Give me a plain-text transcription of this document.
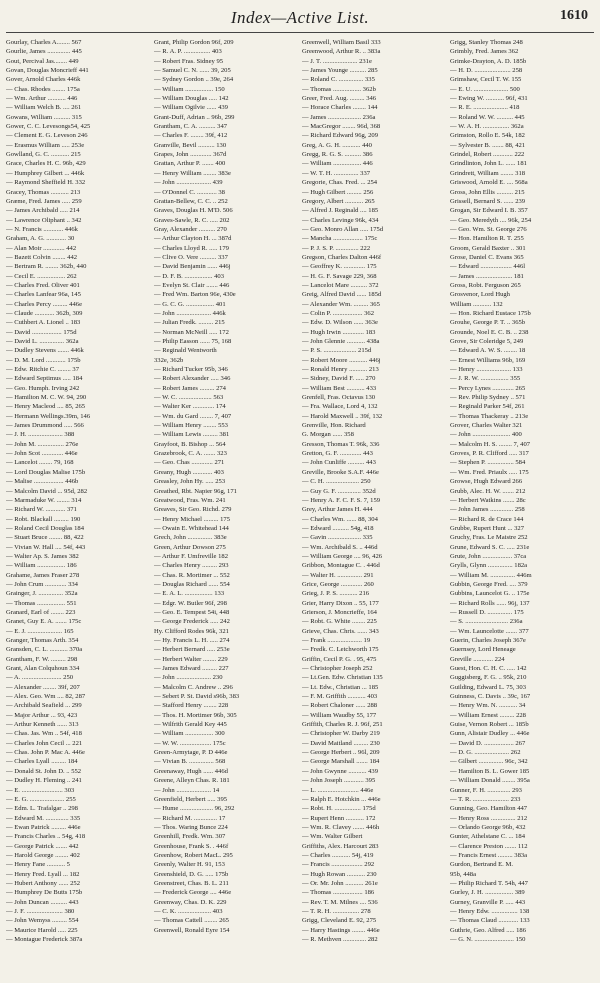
Index—Active List.	1610
Gourlay, Charles A........ 567
Gourlie, James .............. 445
Gout, Percival Jas........ 449
Govan, Douglas Moncrieff 441
Gover, Arnold Charles 446k
— Chas. Rhodes ........ 175a
— Wm. Arthur ........... 446
— William Welch B. .... 261
Gowans, William .......... 315
Gower, C. C. Levesongs54, 425
— Clement E. G. Leveson 246
— Erasmus William ..... 253e
Gowlland, G. C. ........... 215
Grace, Charles H. C. 96b, 429
— Humphrey Gilbert ... 446k
— Raymond Sheffield H. 332
Gracey, Thomas ........... 213
Græme, Fred. James ..... 259
— James Archibald ..... 214
— Lawrence Oliphant .. 342
— N. Francis ............ 446k
Graham, A. G. ............ 30
— Alan Moir ............. 442
— Bazett Colvin ........ 442
— Bertram R. ........ 362b, 440
— Cecil E. ................. 262
— Charles Fred. Oliver 401
— Charles Lanfear 96a, 145
— Charles Percy ......... 446e
— Claude ............ 362b, 309
— Cuthbert A. Lionel .. 183
— David .................. 175d
— David L. ............... 362a
— Dudley Stevens ....... 446k
— D. M. Lord ............ 175b
— Edw. Ritchie C. ........ 37
— Edward Septimus ..... 184
— Geo. Humph. Irving 242
— Hamilton M. C. W. 94, 290
— Henry Macleod .... 85, 265
— Hermann Wellings.39m, 146
— James Drummond ..... 566
— J. H. ..................... 388
— John M. ................ 276e
— John Scot ............. 446e
— Lancelot ........ 79, 168
— Lord Douglas Malise 175b
— Malise .................. 446b
— Malcolm David ... 95d, 282
— Marmaduke W. ........ 314
— Richard W. ............ 371
— Robt. Blackall ......... 190
— Roland Cecil Douglas 184
— Stuart Bruce ........ 88, 422
— Vivian W. Hall .... 54f, 443
— Walter Ap. S. James 382
— William ................. 186
Grahame, James Fraser 278
— John Crum ............. 334
Grainger, J. ............... 352a
— Thomas ................. 551
Granard, Earl of ........ 223
Granet, Guy E. A. ....... 175c
— E. J. ..................... 165
Granger, Thomas Arth. 354
Gransden, C. L. ........... 370a
Grantham, F. W. ......... 298
Grant, Alan Colquhoun 334
— A. ........................ 250
— Alexander ........ 39f, 207
— Alex. Geo. Wm .... 82, 287
— Archibald Seafield ... 299
— Major Arthur ... 93, 423
— Arthur Kenneth ...... 313
— Chas. Jas. Wm .. 54f, 418
— Charles John Cecil ... 221
— Chas. John P. Mac A. 446e
— Charles Lyall ......... 184
— Donald St. John D. .. 552
— Dudley H. Fleming .. 241
— E. ......................... 303
— E. G. ..................... 255
— Edm. L. Trafalgar .. 298
— Edward M. .............. 335
— Ewan Patrick ......... 446e
— Francis Charles .. 54g, 418
— George Patrick ....... 442
— Harold George ........ 402
— Henry Fane ........... 5
— Henry Fred. Lyall ... 182
— Hubert Anthony ...... 252
— Humphrey De Butts 175b
— John Duncan .......... 443
— J. F. ...................... 380
— John Wemyss ......... 554
— Maurice Harold ..... 225
— Montague Frederick 387a
Grant, Philip Gordon 96f, 209
— R. A. P. ................ 403
— Robert Fras. Sidney 95
— Samuel C. N. ...... 39, 205
— Sydney Gordon .. 39e, 264
— William ................. 150
— William Douglas ..... 142
— William Ogilvie ...... 439
Grant-Duff, Adrian .. 96b, 299
Grantham, C. A. .......... 347
— Charles F. ........ 39f, 412
Granville, Bevil .......... 130
Grapes, John ............. 367d
Grattan, Arthur P. ....... 400
— Henry William ........ 383e
— John ..................... 439
— O'Donnel C. ............ 38
Grattan-Bellew, C. C. .. 252
Graves, Douglas H. M'D. 506
Graves-Sawle, R. C. ..... 202
Gray, Alexander .......... 270
— Arthur Clayton H. ... 387d
— Charles Lloyd R. ..... 179
— Clive O. Vere .......... 337
— David Benjamin ...... 446j
— D. F. B. ................. 403
— Evelyn St. Clair ....... 446
— Fred Wm. Barton 96e, 430e
— G. C. G. ................. 401
— John ..................... 446k
— Julian Fredk. ......... 215
— Norman McNeill ..... 172
— Philip Easson ...... 75, 168
— Reginald Wentworth
332e, 362b
— Richard Tucker 95b, 346
— Robert Alexander ..... 346
— Robert James ......... 274
— W. C. .................... 563
— Walter Ker ............. 174
— Wm. du Gard ........ 7, 407
— William Henry ........ 553
— William Lewis ......... 381
Grayfoot, B. Bishop ... 564
Grazebrook, C. A. ....... 323
— Geo. Chas ............. 271
Greany, Hugh ............ 403
Greasley, John Hy. ..... 253
Greathed, Rbt. Napier 96g, 171
Greatwood, Fras. Wm. 241
Greaves, Sir Geo. Richd. 279
— Henry Michael ......... 175
— Owain E. Whitehead 144
Grech, John ............... 383e
Green, Arthur Dowson 275
— Arthur F. Umfreville 182
— Charles Henry ......... 293
— Chas. R. Mortimer ... 552
— Douglas Richard ...... 554
— E. A. L. ................. 133
— Edgr. W. Butler 96f, 298
— Geo. E. Tempest 54i, 448
— George Frederick ..... 242
Hy. Clifford Rodes 96k, 321
— Hy. Francis L. H. ..... 274
— Herbert Bernard ..... 253e
— Herbert Walter ........ 229
— James Edward ......... 227
— John ..................... 230
— Malcolm C. Andrew .. 296
— Sebert P. St. David s96b, 383
— Stafford Henry ........ 228
— Thos. H. Mortimer 96b, 305
— Wilfrith Gerald Key 445
— William ................. 300
— W. W. ................... 175c
Green-Armytage, P. D 446e
— Vivian B. ............... 568
Greenaway, Hugh ...... 446d
Greene, Alleyn Chas. R. 181
— John ..................... 14
Greenfield, Herbert ..... 395
— Hume .................... 96, 292
— Richard M. .............. 17
— Thos. Waring Bunce 224
Greenhill, Fredk. Wm. 307
Greenhouse, Frank S. . 446f
Greenhow, Robert MacL. 295
Greenly, Walter H. 91, 153
Greenshield, D. G. ..... 175b
Greenstreet, Chas. B. L. 211
— Frederick George .... 446e
Greenway, Chas. D. K. 229
— C. K. .................... 403
— Thomas Cattell ........ 265
Greenwell, Ronald Eyre 154
Greenwell, William Basil 333
Greenwood, Arthur R. .. 383a
— J. T. ..................... 231e
— James Younge .......... 285
— Roland C. ............... 335
— Thomas ................. 362b
Greer, Fred. Aug. ......... 346
— Horace Charles ........ 144
— James .................... 236a
— MacGregor ........ 96d, 368
— Richard Edward 96g, 209
Greg, A. G. H. ........... 440
Gregg, R. G. S. .......... 386
— William ................. 446
— W. T. H. ............... 337
Gregorie, Chas. Fred. ... 254
— Hugh Gilbert ......... 256
Gregory, Albert ........... 265
— Alfred J. Reginald .... 185
— Charles Levinge 96k, 434
— Geo. Monro Allan ..... 175d
— Mancha .................. 175c
— P. J. S. P. .............. 222
Gregson, Charles Dalton 446f
— Geoffrey K. ............. 175
— H. G. F. Savage 229, 368
— Lancelot Mare .......... 372
Greig, Alfred David ...... 185d
— Alexander Wm. ......... 365
— Colin P. .................. 362
— Edw. D. Wilson ...... 363e
— Hugh Irwin ............. 183
— John Glennie ........... 438a
— P. S. .................... 215d
— Robert Moore ........... 446j
— Ronald Henry ........... 213
— Sidney, David F. ..... 270
— William Best ........... 433
Grenfell, Fras. Octavus 130
— Fra. Wallace, Lord 4, 132
— Harold Maxwell .. 39f, 132
Grenville, Hon. Richard
G. Morgan ...... 358
Gresson, Thomas T. 96k, 336
Gretton, G. F. ............. 443
— John Cunliffe .......... 443
Greville, Brooke S.A.F. 446e
— C. H. .................... 250
— Guy G. F. .............. 352d
— Henry A. F. C. F. S. 7, 159
Grey, Arthur James H. 444
— Charles Wm. ...... 88, 304
— Edward .......... 54g, 418
— Gavin .................... 335
— Wm. Archibald S. .. 446d
— William George .... 96, 426
Gribbon, Montague C. . 446d
— Walter H. ............... 291
Grice, George ............. 260
Grieg, J. P. S. ........... 216
Grier, Harry Dixon .. 55, 177
Grierson, J. Moncrieffe, 164
— Robt. G. White ........ 225
Grieve, Chas. Chris. ...... 343
— Frank ..................... 19
— Fredk. C. Letchworth 175
Griffin, Cecil P. G. . 95, 475
— Christopher Joseph 252
— Lt.Gen. Edw. Christian 135
— Lt. Edw., Christian ... 185
— F. M. Griffith ........... 403
— Robert Chaloner ...... 288
— William Waudby 55, 177
Griffith, Charles R. J. 96f, 251
— Christopher W. Darby 219
— David Maitland ......... 230
— George Herbert .. 96l, 209
— George Marshall ....... 184
— John Gwynne ........... 439
— John Joseph ............ 395
— L. ......................... 446e
— Ralph E. Hotchkin ... 446e
— Robt. H. ................ 175d
— Rupert Henn ........... 172
— Wm. R. Clavey ....... 446h
— Wm. Walter Gilbert
Griffiths, Alex. Harcourt 283
— Charles ........... 54j, 419
— Francis ................... 292
— Hugh Rowan ........... 230
— Or. Mr. John ........... 261e
— Thomas .................. 186
— Rev. T. M. Milnes .... 536
— T. R. H. ................ 278
Grigg, Cleveland E. 92, 275
— Harry Hastings ........ 446e
— R. Methven .............. 282
Grigg, Stanley Thomas 248
Grimbly, Fred. James 362
Grimke-Drayton, A. D. 185b
— H. D. ...................... 258
Grimshaw, Cecil T. W. 155
— E. U. ..................... 500
— Ewing W. ........... 96f, 431
— R. E. ..................... 418
— Roland W. W. .......... 445
— W. A. H. ................ 362a
Grimston, Rollo E. 54k, 182
— Sylvester B. ....... 88, 421
Grindel, Robert ............ 222
Grindlinton, John L. ...... 181
Grindrett, William ........ 318
Griswood, Arnold E. .... 568a
Gross, John Ellis .......... 215
Grissell, Bernard S. ...... 239
Grogan, Sir Edward I. B. 357
— Geo. Meredyth .... 96k, 254
— Geo. Wm. St. George 276
— Hon. Hamilton R. T. 255
Groom, Gerald Baxter .. 301
Grose, Daniel C. Evans 365
— Edward ................... 446l
— James ...................... 181
Gross, Robt. Ferguson 265
Grosvenor, Lord Hugh
William ........... 132
— Hon. Richard Eustace 175b
Grouhe, George P. T. .. 365b
Grounde, Noel E. C. B. .. 238
Grove, Sir Coleridge 5, 249
— Edward A. W. S. ........ 18
— Ernest Williams 96b, 169
— Henry ..................... 133
— J. R. W. ................. 355
— Percy Lynes ............. 265
— Rev. Philip Sydney .. 571
— Reginald Parker 54f, 261
— Thomas Thackeray .. 213e
Grover, Charles Walter 321
— John ....................... 400
— Malcolm H. S. ........ 7, 407
Groves, P. R. Clifford ..... 317
— Stephen P. ................ 584
— Wm. Fred. Priaulx ..... 175
Growse, Hugh Edward 266
Grubb, Alec. H. W. ....... 212
— Herbert Watkins ....... 28c
— John James .............. 258
— Richard R. de Crace 144
Grubbe, Rupert Hunt ... 327
Gruchy, Fras. Le Maistre 252
Grune, Edward S. C. ..... 231e
Grute, John .................. 37ca
Grylls, Glynn ............... 182a
— William M. ............... 446m
Gubbin, George Fred. .... 379
Gubbins, Launcelot G. .. 175e
— Richard Rolls ...... 96j, 137
— Russell D. ............... 175
— S. .......................... 236a
— Wm. Launcelotte ....... 377
Guerin, Charles Joseph 367e
Guernsey, Lord Heneage
Greville ............ 224
Guest, Hon. C. H. C. ..... 142
Guggisberg, F. G. .. 95k, 210
Guilding, Edward L. 75, 303
Guinness, C. Davis .. 39c, 167
— Henry Wm. N. ........... 34
— William Ernest ......... 228
Guise, Vernon Robert ... 185b
Gunn, Alistair Dudley ... 446e
— David D. .................. 267
— D. G. ..................... 262
— Gilbert ............... 96c, 342
— Hamilton B. L. Gower 185
— William Donald ........ 395a
Gunner, F. H. .............. 293
— T. R. ...................... 233
Gunning, Geo. Hamilton 447
— Henry Ross ............... 212
— Orlando George 96b, 432
Gunter, Athelstane C. ... 184
— Clarence Preston ....... 112
— Francis Ernest ......... 383a
Gurdon, Bertrand E. M.
95b, 448a
— Philip Richard T. 54h, 447
Gurley, J. H. ................. 389
Gurney, Granville P. ..... 443
— Henry Edw. ................ 138
— Thomas Claud ............ 133
Guthrie, Geo. Alfred ..... 186
— G. N. ........................ 150
